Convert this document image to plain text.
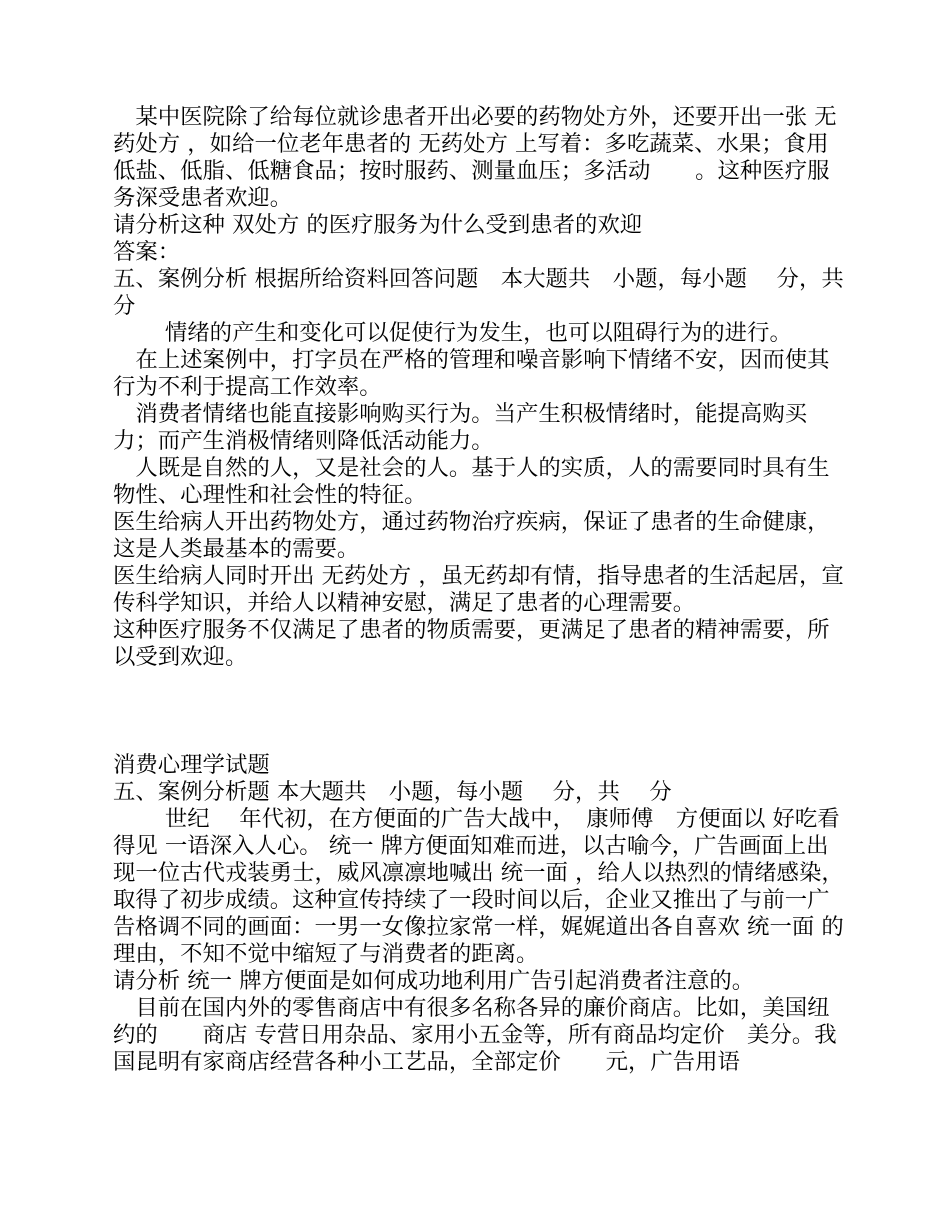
　某中医院除了给每位就诊患者开出必要的药物处方外，还要开出一张 无药处方 ，如给一位老年患者的 无药处方 上写着：多吃蔬菜、水果；食用低盐、低脂、低糖食品；按时服药、测量血压；多活动　　。这种医疗服务深受患者欢迎。

请分析这种 双处方 的医疗服务为什么受到患者的欢迎

答案：

五、案例分析 根据所给资料回答问题　本大题共　小题，每小题　 分，共　 分

　　 情绪的产生和变化可以促使行为发生，也可以阻碍行为的进行。

　在上述案例中，打字员在严格的管理和噪音影响下情绪不安，因而使其行为不利于提高工作效率。

　消费者情绪也能直接影响购买行为。当产生积极情绪时，能提高购买力；而产生消极情绪则降低活动能力。

　人既是自然的人，又是社会的人。基于人的实质，人的需要同时具有生物性、心理性和社会性的特征。

医生给病人开出药物处方，通过药物治疗疾病，保证了患者的生命健康，这是人类最基本的需要。

医生给病人同时开出 无药处方 ，虽无药却有情，指导患者的生活起居，宣传科学知识，并给人以精神安慰，满足了患者的心理需要。

这种医疗服务不仅满足了患者的物质需要，更满足了患者的精神需要，所以受到欢迎。

消费心理学试题

五、案例分析题 本大题共　小题，每小题　 分，共　 分

　　 世纪　 年代初，在方便面的广告大战中，　康师傅　方便面以 好吃看得见 一语深入人心。 统一 牌方便面知难而进，以古喻今，广告画面上出现一位古代戎装勇士，威风凛凛地喊出 统一面 ，给人以热烈的情绪感染，取得了初步成绩。这种宣传持续了一段时间以后，企业又推出了与前一广告格调不同的画面：一男一女像拉家常一样，娓娓道出各自喜欢 统一面 的理由，不知不觉中缩短了与消费者的距离。

请分析 统一 牌方便面是如何成功地利用广告引起消费者注意的。

　目前在国内外的零售商店中有很多名称各异的廉价商店。比如，美国纽约的　　商店 专营日用杂品、家用小五金等，所有商品均定价　美分。我国昆明有家商店经营各种小工艺品，全部定价　　元，广告用语
